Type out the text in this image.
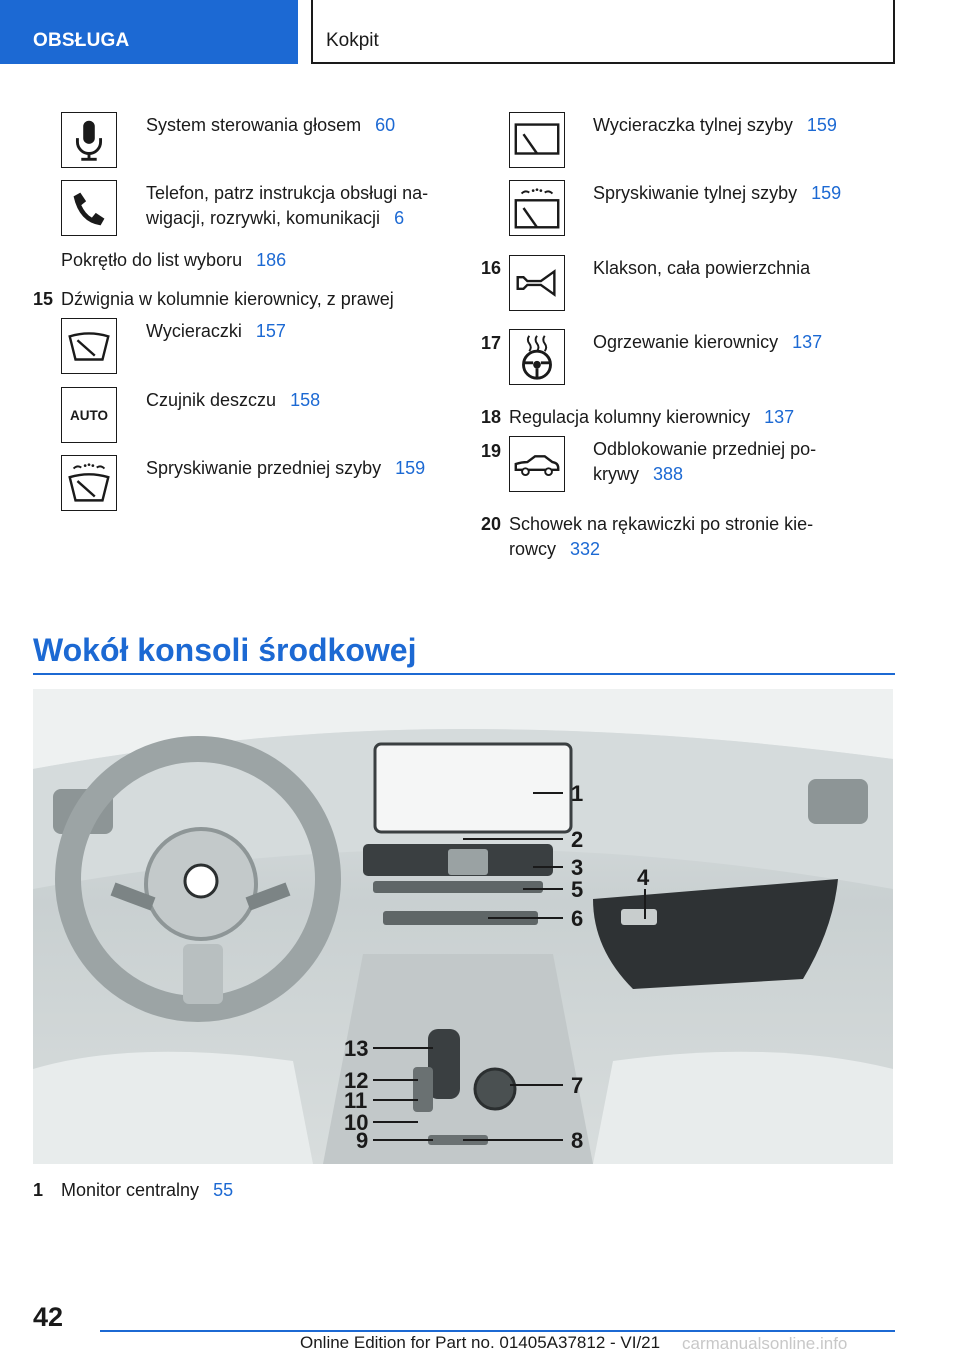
OBSŁUGA	Kokpit
System sterowania głosem 60
Telefon, patrz instrukcja obsługi na-
wigacji, rozrywki, komunikacji 6
Pokrętło do list wyboru 186
15 Dźwignia w kolumnie kierownicy, z prawej
Wycieraczki 157
AUTO
Czujnik deszczu 158
Spryskiwanie przedniej szyby 159
Wycieraczka tylnej szyby 159
Spryskiwanie tylnej szyby 159
16	Klakson, cała powierzchnia
17	Ogrzewanie kierownicy 137
18 Regulacja kolumny kierownicy 137
19	Odblokowanie przedniej po-
krywy 388
20 Schowek na rękawiczki po stronie kie-
rowcy 332
Wokół konsoli środkowej
1
2
3 4
5
6
7
8
9
10
11
12
13
1 Monitor centralny 55
42
Online Edition for Part no. 01405A37812 - VI/21 carmanualsonline.info
